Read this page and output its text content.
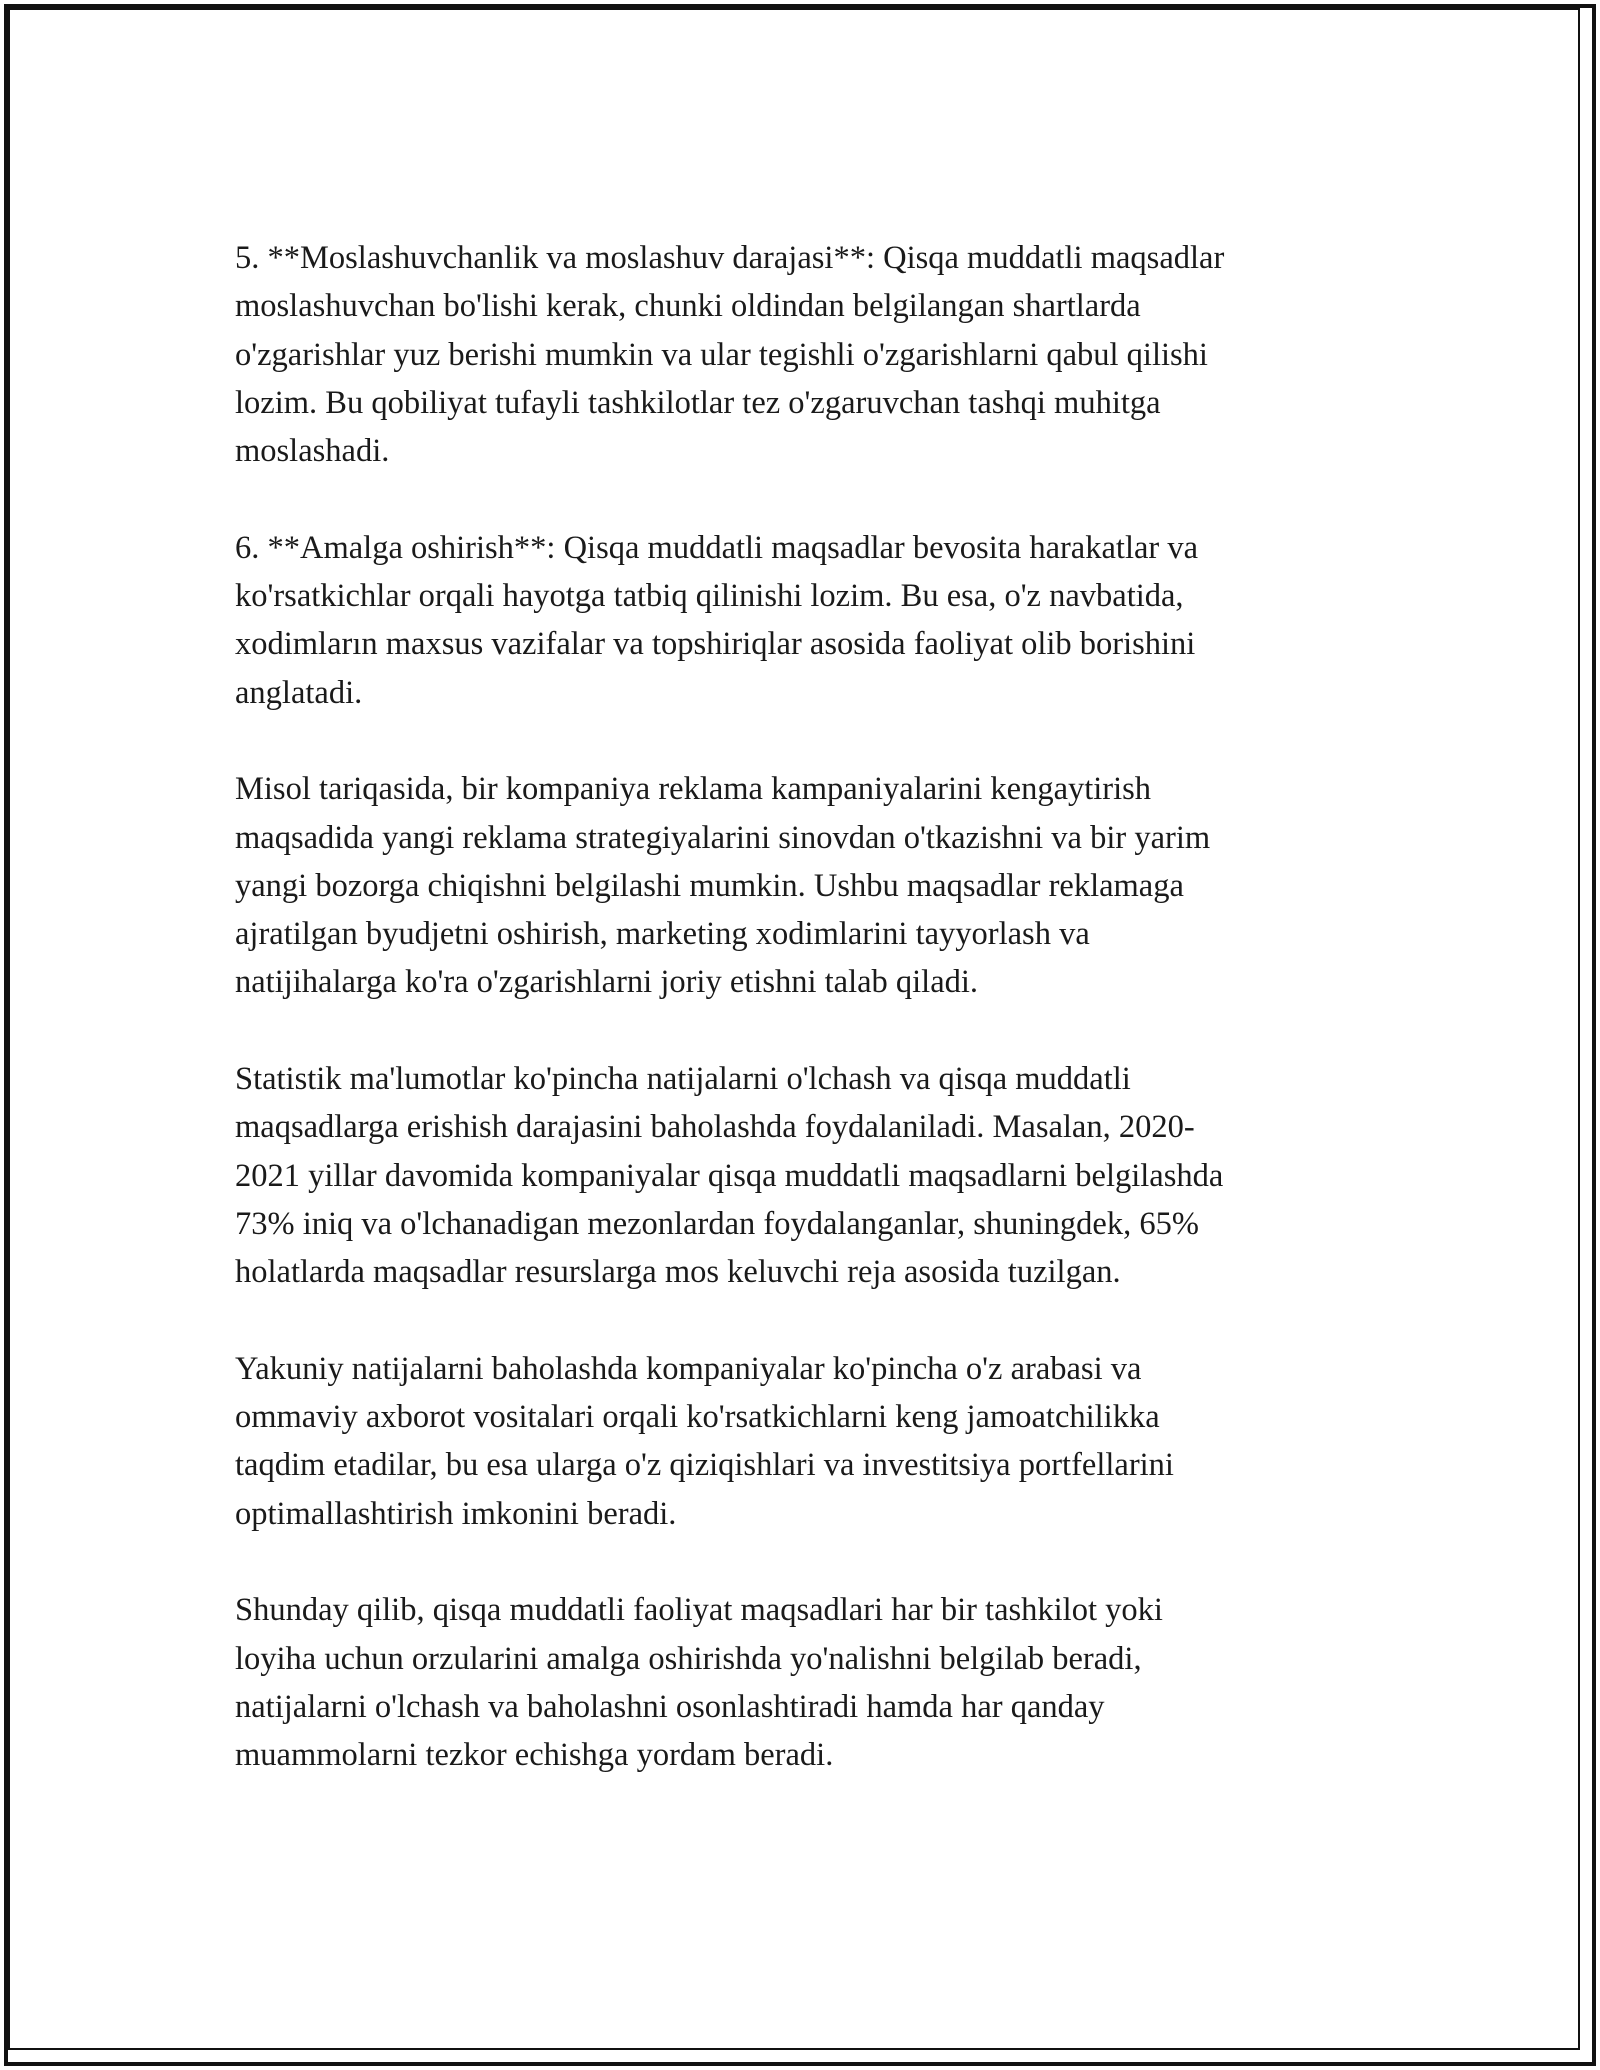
5. **Moslashuvchanlik va moslashuv darajasi**: Qisqa muddatli maqsadlar
moslashuvchan bo'lishi kerak, chunki oldindan belgilangan shartlarda
o'zgarishlar yuz berishi mumkin va ular tegishli o'zgarishlarni qabul qilishi
lozim. Bu qobiliyat tufayli tashkilotlar tez o'zgaruvchan tashqi muhitga
moslashadi.

6. **Amalga oshirish**: Qisqa muddatli maqsadlar bevosita harakatlar va
ko'rsatkichlar orqali hayotga tatbiq qilinishi lozim. Bu esa, o'z navbatida,
xodimların maxsus vazifalar va topshiriqlar asosida faoliyat olib borishini
anglatadi.

Misol tariqasida, bir kompaniya reklama kampaniyalarini kengaytirish
maqsadida yangi reklama strategiyalarini sinovdan o'tkazishni va bir yarim
yangi bozorga chiqishni belgilashi mumkin. Ushbu maqsadlar reklamaga
ajratilgan byudjetni oshirish, marketing xodimlarini tayyorlash va
natijihalarga ko'ra o'zgarishlarni joriy etishni talab qiladi.

Statistik ma'lumotlar ko'pincha natijalarni o'lchash va qisqa muddatli
maqsadlarga erishish darajasini baholashda foydalaniladi. Masalan, 2020-
2021 yillar davomida kompaniyalar qisqa muddatli maqsadlarni belgilashda
73% iniq va o'lchanadigan mezonlardan foydalanganlar, shuningdek, 65%
holatlarda maqsadlar resurslarga mos keluvchi reja asosida tuzilgan.

Yakuniy natijalarni baholashda kompaniyalar ko'pincha o'z arabasi va
ommaviy axborot vositalari orqali ko'rsatkichlarni keng jamoatchilikka
taqdim etadilar, bu esa ularga o'z qiziqishlari va investitsiya portfellarini
optimallashtirish imkonini beradi.

Shunday qilib, qisqa muddatli faoliyat maqsadlari har bir tashkilot yoki
loyiha uchun orzularini amalga oshirishda yo'nalishni belgilab beradi,
natijalarni o'lchash va baholashni osonlashtiradi hamda har qanday
muammolarni tezkor echishga yordam beradi.
